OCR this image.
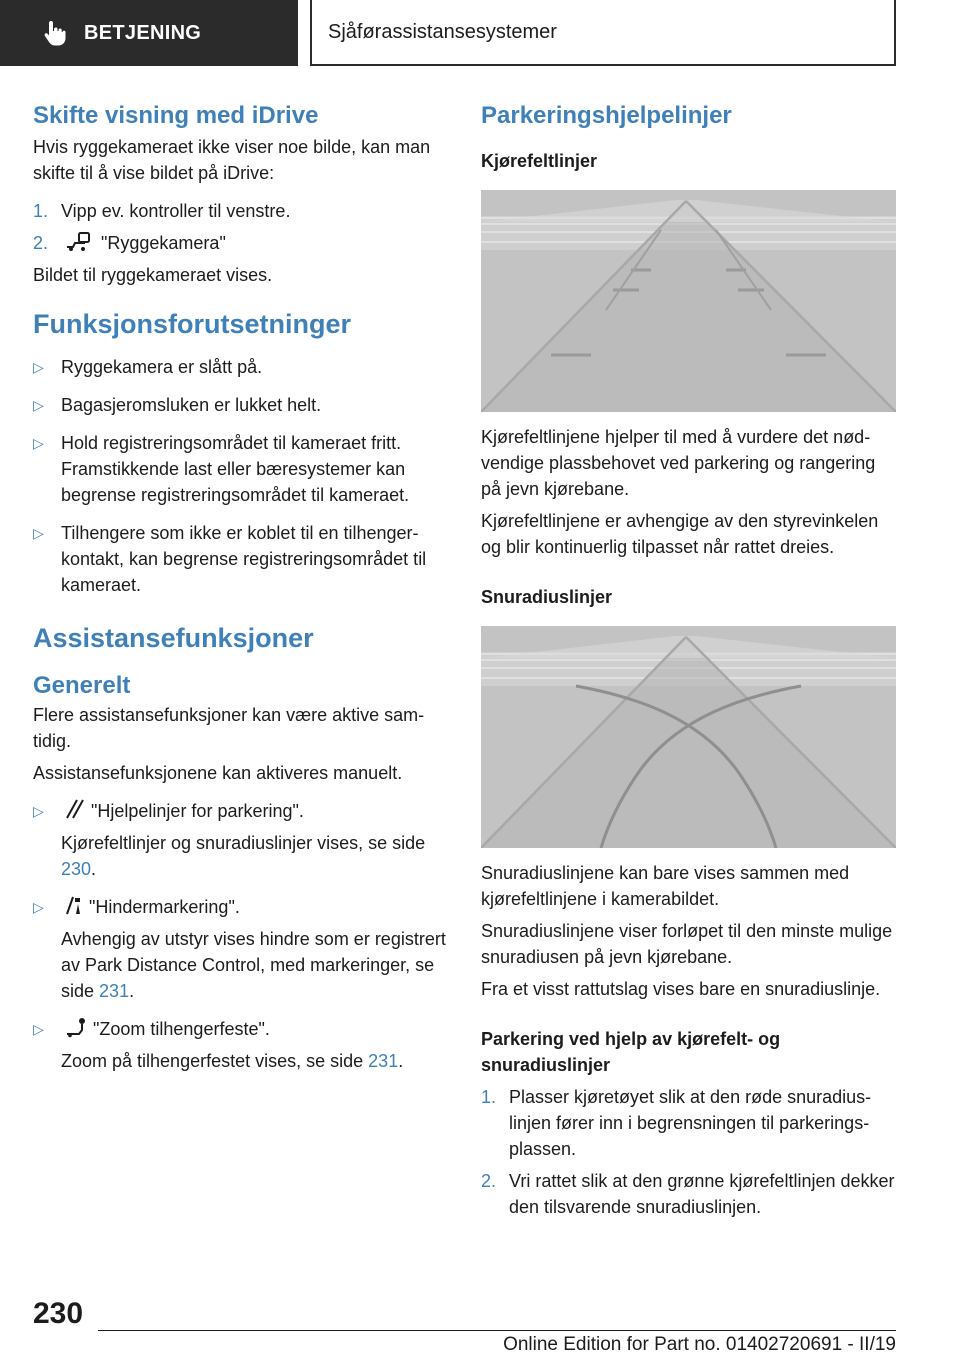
BETJENING	Sjåførassistansesystemer
Skifte visning med iDrive

Hvis ryggekameraet ikke viser noe bilde, kan man skifte til å vise bildet på iDrive:

1. Vipp ev. kontroller til venstre.
2.	"Ryggekamera"

Bildet til ryggekameraet vises.

Funksjonsforutsetninger
▷ Ryggekamera er slått på.
▷ Bagasjeromsluken er lukket helt.
▷ Hold registreringsområdet til kameraet fritt. Framstikkende last eller bæresystemer kan begrense registreringsområdet til kameraet.
▷ Tilhengere som ikke er koblet til en tilhengerkontakt, kan begrense registreringsområdet til kameraet.
Assistansefunksjoner
Generelt

Flere assistansefunksjoner kan være aktive samtidig.

Assistansefunksjonene kan aktiveres manuelt.

▷	"Hjelpelinjer for parkering".
Kjørefeltlinjer og snuradiuslinjer vises, se side 230.
▷	"Hindermarkering".
Avhengig av utstyr vises hindre som er registrert av Park Distance Control, med markeringer, se side 231.
▷	"Zoom tilhengerfeste".
Zoom på tilhengerfestet vises, se side 231.
Parkeringshjelpelinjer
Kjørefeltlinjer

Kjørefeltlinjene hjelper til med å vurdere det nødvendige plassbehovet ved parkering og rangering på jevn kjørebane.

Kjørefeltlinjene er avhengige av den styrevinkelen og blir kontinuerlig tilpasset når rattet dreies.

Snuradiuslinjer

Snuradiuslinjene kan bare vises sammen med kjørefeltlinjene i kamerabildet.

Snuradiuslinjene viser forløpet til den minste mulige snuradiusen på jevn kjørebane.

Fra et visst rattutslag vises bare en snuradiuslinje.

Parkering ved hjelp av kjørefelt- og snuradiuslinjer
1. Plasser kjøretøyet slik at den røde snuradiuslinjen fører inn i begrensningen til parkeringsplassen.
2. Vri rattet slik at den grønne kjørefeltlinjen dekker den tilsvarende snuradiuslinjen.
230
Online Edition for Part no. 01402720691 - II/19
